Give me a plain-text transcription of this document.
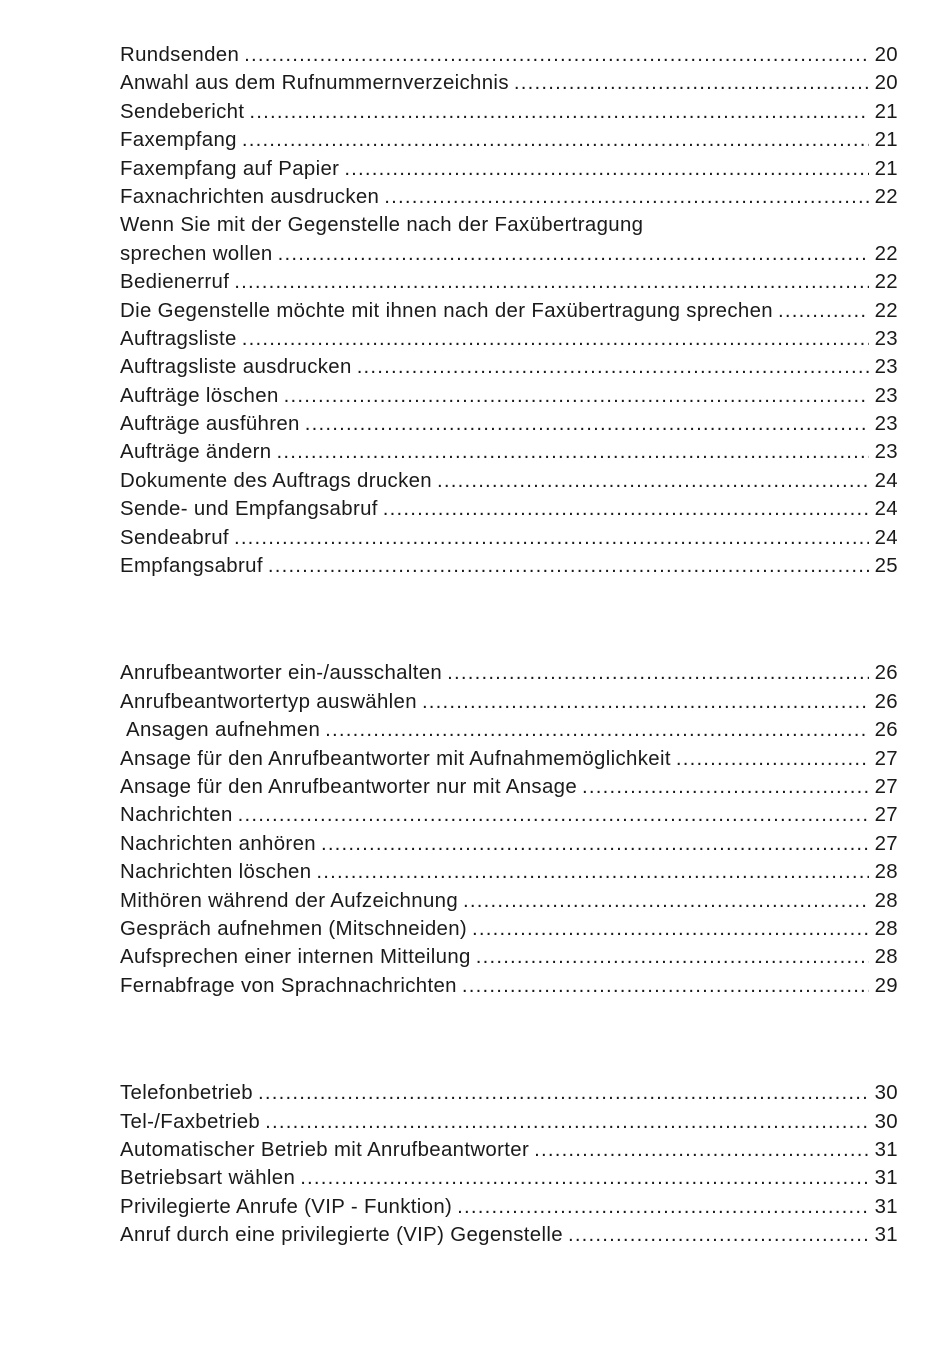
Rundsenden .....	20
Anwahl aus dem Rufnummernverzeichnis .....	20
Sendebericht .....	21
Faxempfang .....	21
Faxempfang auf Papier .....	21
Faxnachrichten ausdrucken .....	22
Wenn Sie mit der Gegenstelle nach der Faxübertragung
sprechen wollen .....	22
Bedienerruf .....	22
Die Gegenstelle möchte mit ihnen nach der Faxübertragung sprechen .....	22
Auftragsliste .....	23
Auftragsliste ausdrucken .....	23
Aufträge löschen .....	23
Aufträge ausführen .....	23
Aufträge ändern .....	23
Dokumente des Auftrags drucken .....	24
Sende- und Empfangsabruf .....	24
Sendeabruf .....	24
Empfangsabruf .....	25
Anrufbeantworter ein-/ausschalten .....	26
Anrufbeantwortertyp auswählen .....	26
Ansagen aufnehmen .....	26
Ansage für den Anrufbeantworter mit Aufnahmemöglichkeit .....	27
Ansage für den Anrufbeantworter nur mit Ansage .....	27
Nachrichten .....	27
Nachrichten anhören .....	27
Nachrichten löschen .....	28
Mithören während der Aufzeichnung .....	28
Gespräch aufnehmen (Mitschneiden) .....	28
Aufsprechen einer internen Mitteilung .....	28
Fernabfrage von Sprachnachrichten .....	29
Telefonbetrieb .....	30
Tel-/Faxbetrieb .....	30
Automatischer Betrieb mit Anrufbeantworter .....	31
Betriebsart wählen .....	31
Privilegierte Anrufe (VIP - Funktion) .....	31
Anruf durch eine privilegierte (VIP) Gegenstelle .....	31
